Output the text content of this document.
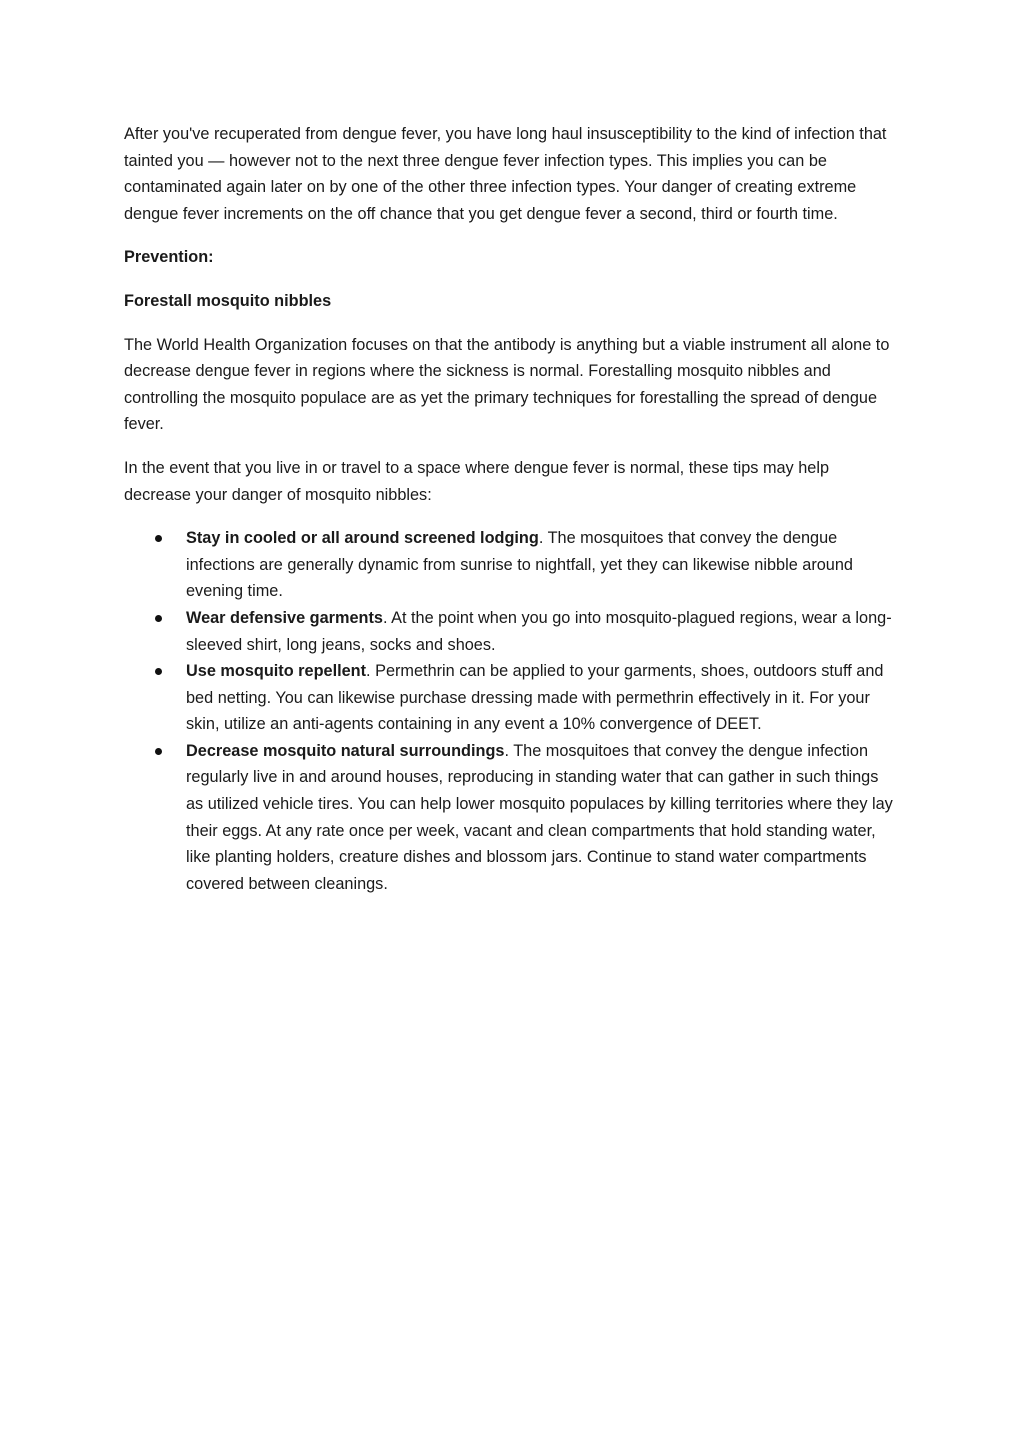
After you've recuperated from dengue fever, you have long haul insusceptibility to the kind of infection that tainted you — however not to the next three dengue fever infection types. This implies you can be contaminated again later on by one of the other three infection types. Your danger of creating extreme dengue fever increments on the off chance that you get dengue fever a second, third or fourth time.

Prevention:

Forestall mosquito nibbles

The World Health Organization focuses on that the antibody is anything but a viable instrument all alone to decrease dengue fever in regions where the sickness is normal. Forestalling mosquito nibbles and controlling the mosquito populace are as yet the primary techniques for forestalling the spread of dengue fever.

In the event that you live in or travel to a space where dengue fever is normal, these tips may help decrease your danger of mosquito nibbles:

Stay in cooled or all around screened lodging. The mosquitoes that convey the dengue infections are generally dynamic from sunrise to nightfall, yet they can likewise nibble around evening time.
Wear defensive garments. At the point when you go into mosquito-plagued regions, wear a long-sleeved shirt, long jeans, socks and shoes.
Use mosquito repellent. Permethrin can be applied to your garments, shoes, outdoors stuff and bed netting. You can likewise purchase dressing made with permethrin effectively in it. For your skin, utilize an anti-agents containing in any event a 10% convergence of DEET.
Decrease mosquito natural surroundings. The mosquitoes that convey the dengue infection regularly live in and around houses, reproducing in standing water that can gather in such things as utilized vehicle tires. You can help lower mosquito populaces by killing territories where they lay their eggs. At any rate once per week, vacant and clean compartments that hold standing water, like planting holders, creature dishes and blossom jars. Continue to stand water compartments covered between cleanings.
